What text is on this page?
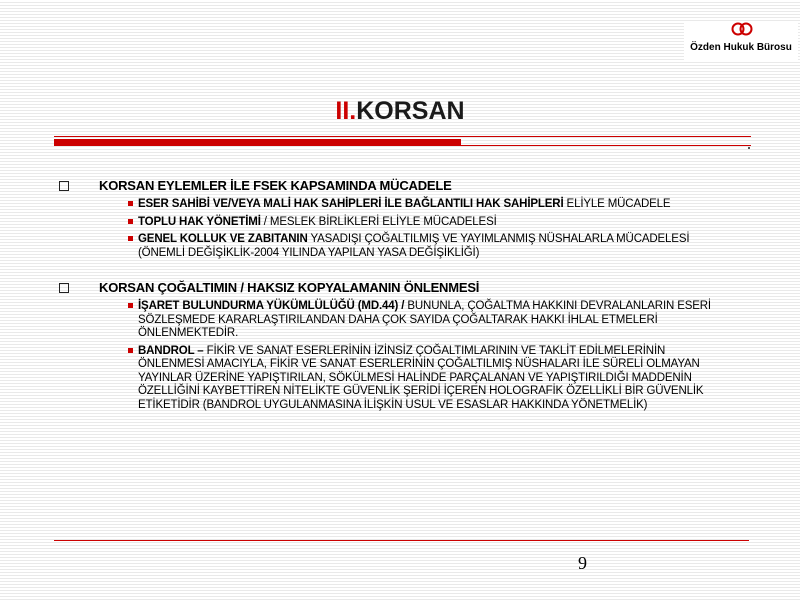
Özden Hukuk Bürosu
II.KORSAN
KORSAN EYLEMLER İLE FSEK KAPSAMINDA MÜCADELE
ESER SAHİBİ VE/VEYA MALİ HAK SAHİPLERİ İLE BAĞLANTILI HAK SAHİPLERİ ELİYLE MÜCADELE
TOPLU HAK YÖNETİMİ / MESLEK BİRLİKLERİ ELİYLE MÜCADELESİ
GENEL KOLLUK VE ZABITANIN YASADIŞI ÇOĞALTILMIŞ VE YAYIMLANMIŞ NÜSHALARLA MÜCADELESİ (ÖNEMLİ DEĞİŞİKLİK-2004 YILINDA YAPILAN YASA DEĞİŞİKLİĞİ)
KORSAN ÇOĞALTIMIN / HAKSIZ KOPYALAMANIN ÖNLENMESİ
İŞARET BULUNDURMA YÜKÜMLÜLÜĞÜ (MD.44) / BUNUNLA, ÇOĞALTMA HAKKINI DEVRALANLARIN ESERİ SÖZLEŞMEDE KARARLAŞTIRILANDAN DAHA ÇOK SAYIDA ÇOĞALTARAK HAKKI İHLAL ETMELERİ ÖNLENMEKTEDİR.
BANDROL – FİKİR VE SANAT ESERLERİNİN İZİNSİZ ÇOĞALTIMLARININ VE TAKLİT EDİLMELERİNİN ÖNLENMESİ AMACIYLA, FİKİR VE SANAT ESERLERİNİN ÇOĞALTILMIŞ NÜSHALARI İLE SÜRELİ OLMAYAN YAYINLAR ÜZERİNE YAPIŞTIRILAN, SÖKÜLMESİ HALİNDE PARÇALANAN VE YAPIŞTIRILDIĞI MADDENİN ÖZELLİĞİNİ KAYBETTİREN NİTELİKTE GÜVENLİK ŞERİDİ İÇEREN HOLOGRAFİK ÖZELLİKLİ BİR GÜVENLİK ETİKETİDİR (BANDROL UYGULANMASINA İLİŞKİN USUL VE ESASLAR HAKKINDA YÖNETMELİK)
9
